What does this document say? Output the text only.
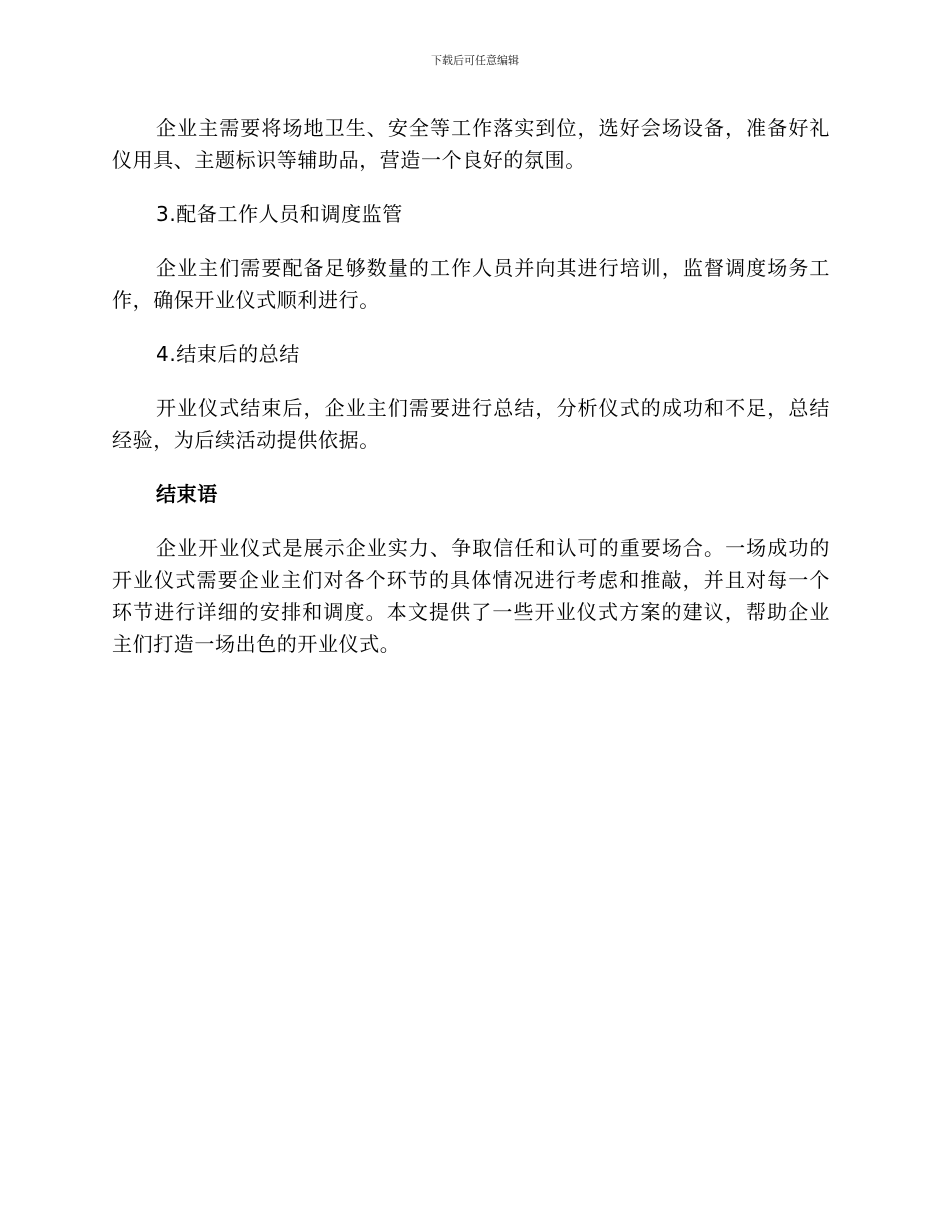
下载后可任意编辑

企业主需要将场地卫生、安全等工作落实到位，选好会场设备，准备好礼仪用具、主题标识等辅助品，营造一个良好的氛围。

3.配备工作人员和调度监管

企业主们需要配备足够数量的工作人员并向其进行培训，监督调度场务工作，确保开业仪式顺利进行。

4.结束后的总结

开业仪式结束后，企业主们需要进行总结，分析仪式的成功和不足，总结经验，为后续活动提供依据。

结束语

企业开业仪式是展示企业实力、争取信任和认可的重要场合。一场成功的开业仪式需要企业主们对各个环节的具体情况进行考虑和推敲，并且对每一个环节进行详细的安排和调度。本文提供了一些开业仪式方案的建议，帮助企业主们打造一场出色的开业仪式。
